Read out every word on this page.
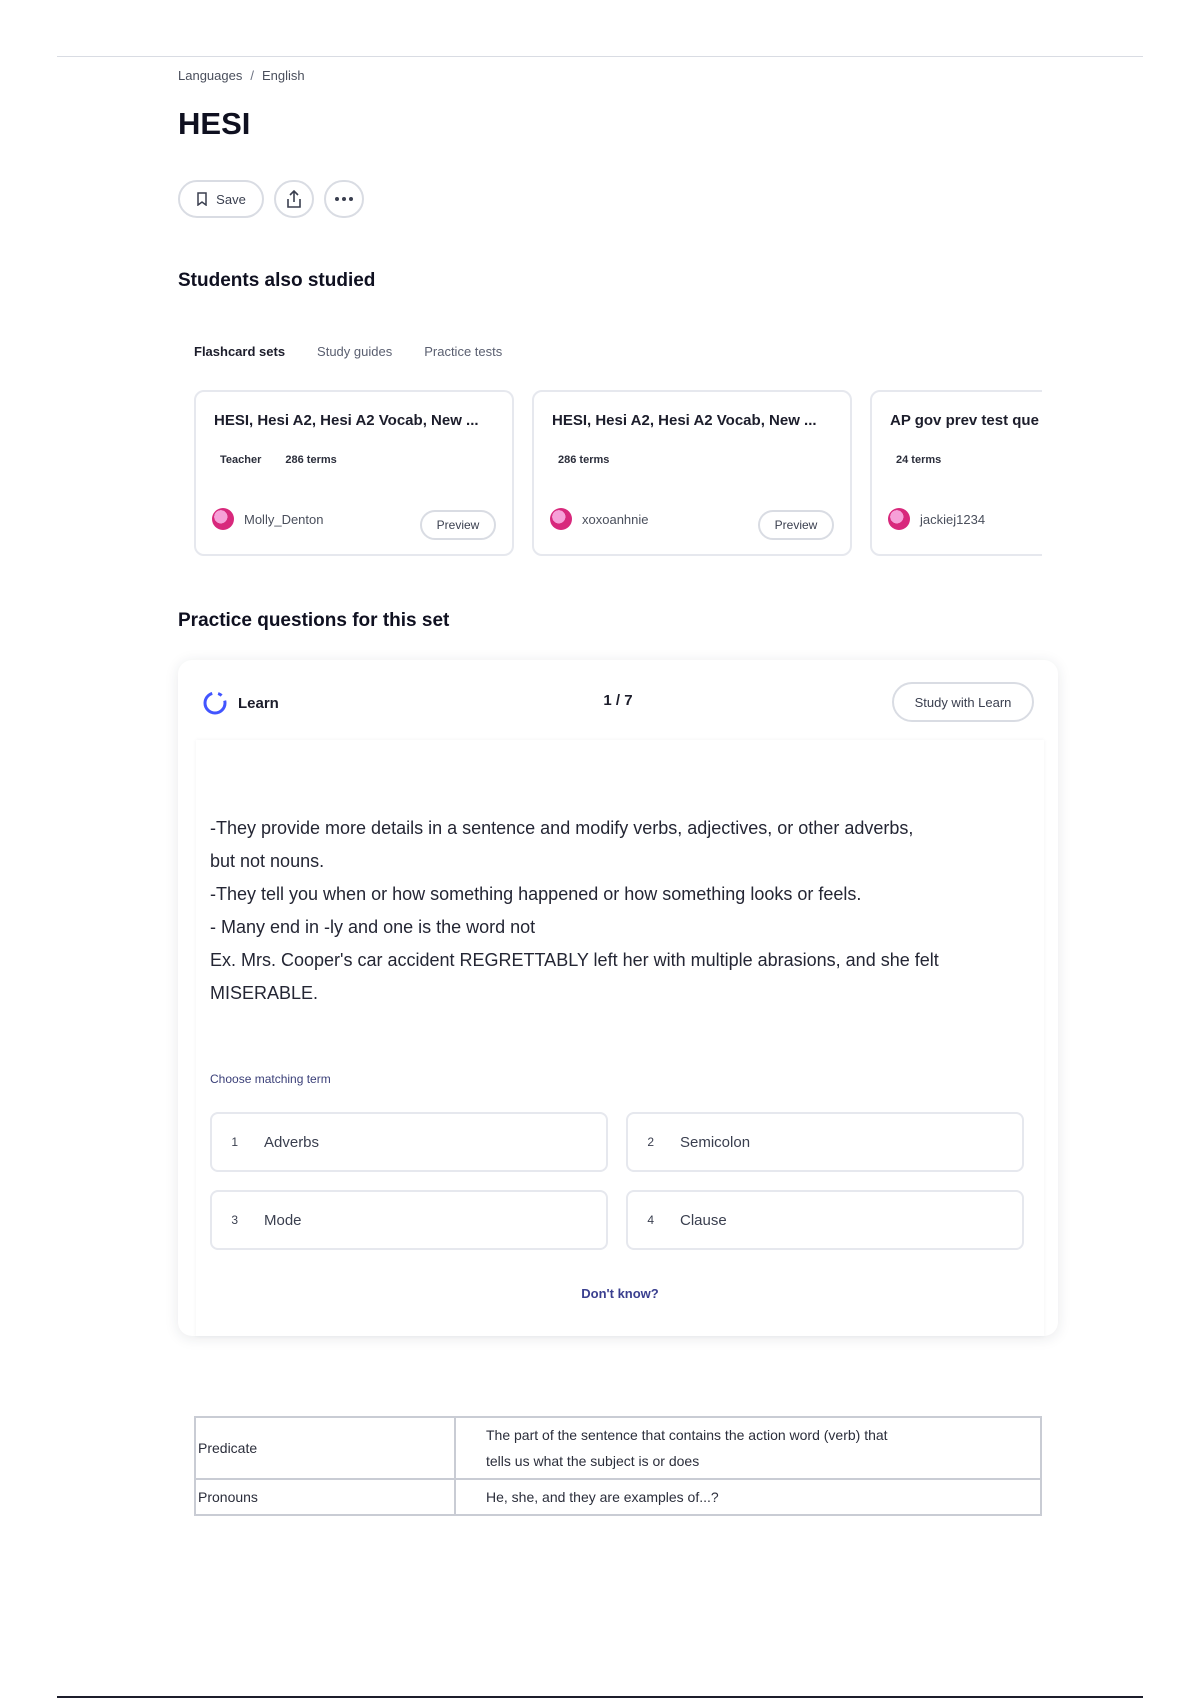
Languages / English
HESI
Save
Students also studied
Flashcard sets Study guides Practice tests
HESI, Hesi A2, Hesi A2 Vocab, New ...
Teacher 286 terms
Molly_Denton	Preview
HESI, Hesi A2, Hesi A2 Vocab, New ...
286 terms
xoxoanhnie	Preview
AP gov prev test que
24 terms
jackiej1234
Practice questions for this set
Learn	1 / 7	Study with Learn
-They provide more details in a sentence and modify verbs, adjectives, or other adverbs,
but not nouns.
-They tell you when or how something happened or how something looks or feels.
- Many end in -ly and one is the word not
Ex. Mrs. Cooper's car accident REGRETTABLY left her with multiple abrasions, and she felt
MISERABLE.
Choose matching term
1	Adverbs	2	Semicolon
3	Mode	4	Clause
Don't know?
Predicate	The part of the sentence that contains the action word (verb) that
tells us what the subject is or does

Pronouns	He, she, and they are examples of...?
